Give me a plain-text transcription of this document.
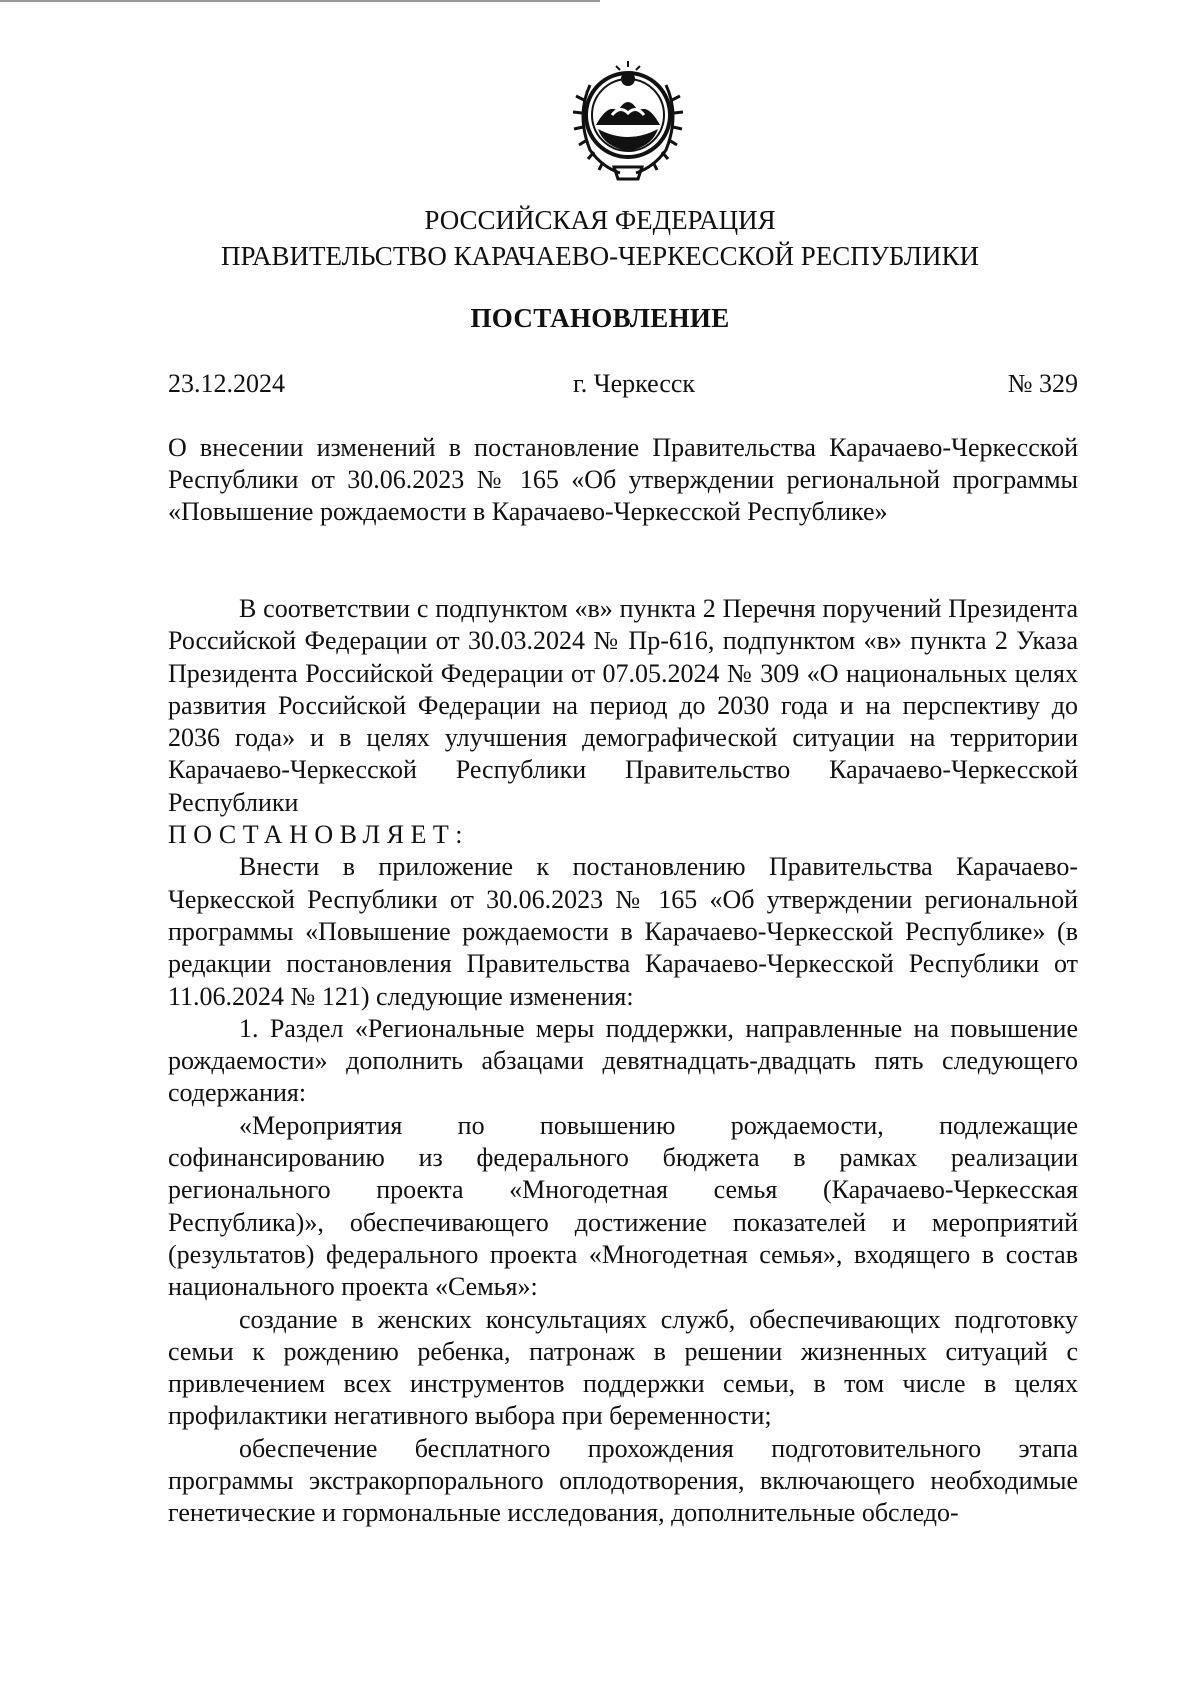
РОССИЙСКАЯ ФЕДЕРАЦИЯ
ПРАВИТЕЛЬСТВО КАРАЧАЕВО-ЧЕРКЕССКОЙ РЕСПУБЛИКИ
ПОСТАНОВЛЕНИЕ
23.12.2024	г. Черкесск	№ 329
О внесении изменений в постановление Правительства Карачаево-Черкесской Республики от 30.06.2023 № 165 «Об утверждении региональной программы «Повышение рождаемости в Карачаево-Черкесской Республике»

В соответствии с подпунктом «в» пункта 2 Перечня поручений Президента Российской Федерации от 30.03.2024 № Пр-616, подпунктом «в» пункта 2 Указа Президента Российской Федерации от 07.05.2024 № 309 «О национальных целях развития Российской Федерации на период до 2030 года и на перспективу до 2036 года» и в целях улучшения демографической ситуации на территории Карачаево-Черкесской Республики Правительство Карачаево-Черкесской Республики

ПОСТАНОВЛЯЕТ:

Внести в приложение к постановлению Правительства Карачаево-Черкесской Республики от 30.06.2023 № 165 «Об утверждении региональной программы «Повышение рождаемости в Карачаево-Черкесской Республике» (в редакции постановления Правительства Карачаево-Черкесской Республики от 11.06.2024 № 121) следующие изменения:

1. Раздел «Региональные меры поддержки, направленные на повышение рождаемости» дополнить абзацами девятнадцать-двадцать пять следующего содержания:

«Мероприятия по повышению рождаемости, подлежащие софинансированию из федерального бюджета в рамках реализации регионального проекта «Многодетная семья (Карачаево-Черкесская Республика)», обеспечивающего достижение показателей и мероприятий (результатов) федерального проекта «Многодетная семья», входящего в состав национального проекта «Семья»:

создание в женских консультациях служб, обеспечивающих подготовку семьи к рождению ребенка, патронаж в решении жизненных ситуаций с привлечением всех инструментов поддержки семьи, в том числе в целях профилактики негативного выбора при беременности;

обеспечение бесплатного прохождения подготовительного этапа программы экстракорпорального оплодотворения, включающего необходимые генетические и гормональные исследования, дополнительные обследо-
